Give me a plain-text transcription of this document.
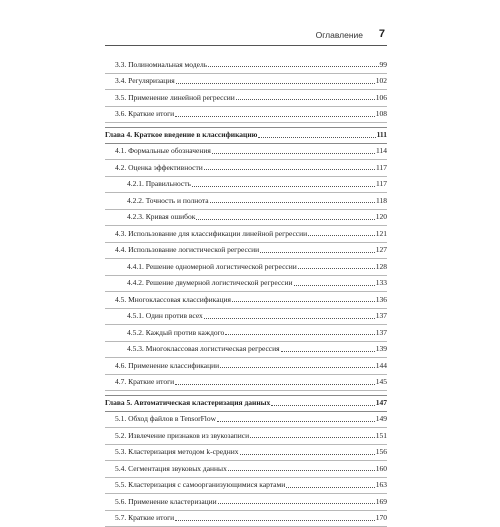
Оглавление 7
3.3. Полиномиальная модель	99
3.4. Регуляризация	102
3.5. Применение линейной регрессии	106
3.6. Краткие итоги	108
Глава 4. Краткое введение в классификацию	111
4.1. Формальные обозначения	114
4.2. Оценка эффективности	117
4.2.1. Правильность	117
4.2.2. Точность и полнота	118
4.2.3. Кривая ошибок	120
4.3. Использование для классификации линейной регрессии	121
4.4. Использование логистической регрессии	127
4.4.1. Решение одномерной логистической регрессии	128
4.4.2. Решение двумерной логистической регрессии	133
4.5. Многоклассовая классификация	136
4.5.1. Один против всех	137
4.5.2. Каждый против каждого	137
4.5.3. Многоклассовая логистическая регрессия	139
4.6. Применение классификации	144
4.7. Краткие итоги	145
Глава 5. Автоматическая кластеризация данных	147
5.1. Обход файлов в TensorFlow	149
5.2. Извлечение признаков из звукозаписи	151
5.3. Кластеризация методом k-средних	156
5.4. Сегментация звуковых данных	160
5.5. Кластеризация с самоорганизующимися картами	163
5.6. Применение кластеризации	169
5.7. Краткие итоги	170
